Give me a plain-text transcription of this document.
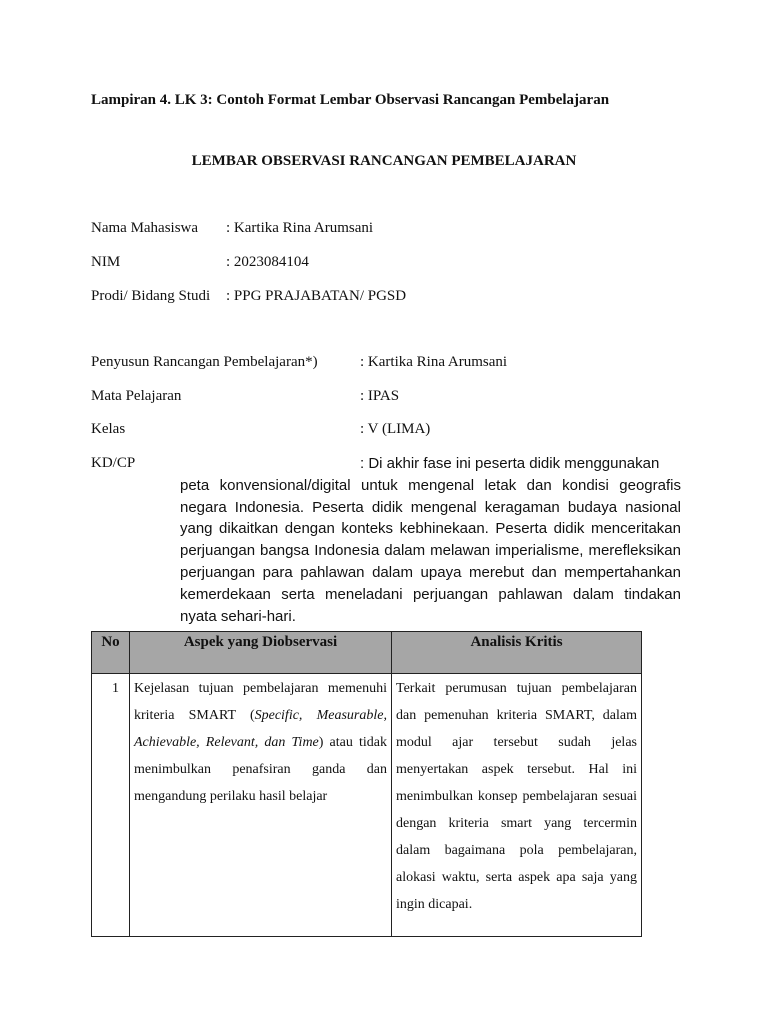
Lampiran 4. LK 3: Contoh Format Lembar Observasi Rancangan Pembelajaran
LEMBAR OBSERVASI RANCANGAN PEMBELAJARAN
Nama Mahasiswa : Kartika Rina Arumsani
NIM	: 2023084104
Prodi/ Bidang Studi : PPG PRAJABATAN/ PGSD
Penyusun Rancangan Pembelajaran*)	: Kartika Rina Arumsani
Mata Pelajaran	: IPAS
Kelas	: V (LIMA)
KD/CP	: Di akhir fase ini peserta didik menggunakan
peta konvensional/digital untuk mengenal letak dan kondisi geografis negara Indonesia. Peserta didik mengenal keragaman budaya nasional yang dikaitkan dengan konteks kebhinekaan. Peserta didik menceritakan perjuangan bangsa Indonesia dalam melawan imperialisme, merefleksikan perjuangan para pahlawan dalam upaya merebut dan mempertahankan kemerdekaan serta meneladani perjuangan pahlawan dalam tindakan nyata sehari-hari.
No	Aspek yang Diobservasi	Analisis Kritis
1	Kejelasan tujuan pembelajaran memenuhi kriteria SMART (Specific, Measurable, Achievable, Relevant, dan Time) atau tidak menimbulkan penafsiran ganda dan mengandung perilaku hasil belajar	Terkait perumusan tujuan pembelajaran dan pemenuhan kriteria SMART, dalam modul ajar tersebut sudah jelas menyertakan aspek tersebut. Hal ini menimbulkan konsep pembelajaran sesuai dengan kriteria smart yang tercermin dalam bagaimana pola pembelajaran, alokasi waktu, serta aspek apa saja yang ingin dicapai.
